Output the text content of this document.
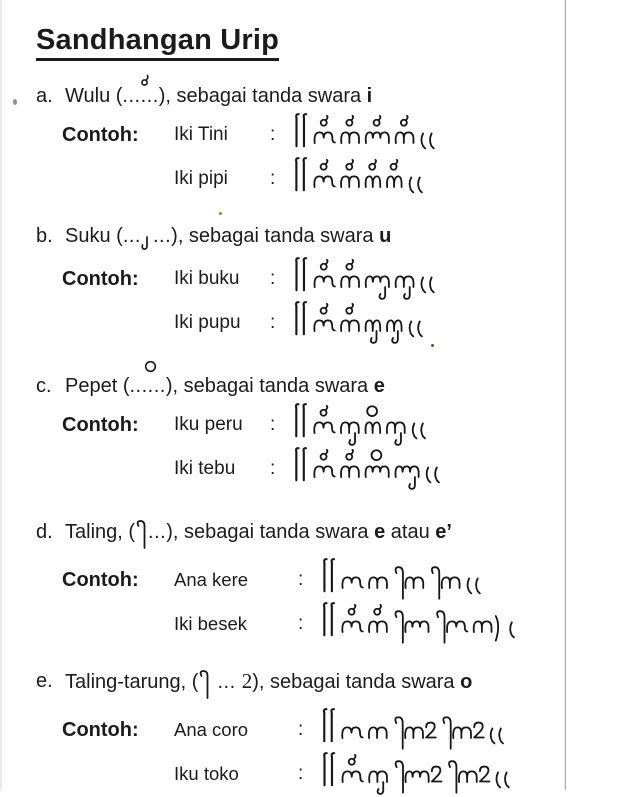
Sandhangan Urip
a. Wulu (......
), sebagai tanda swara i
Contoh:	Iki Tini	:
Iki pipi	:
b. Suku (... ...), sebagai tanda swara u
Contoh:	Iki buku	:
Iki pupu	:
c. Pepet (......
), sebagai tanda swara e
Contoh:	Iku peru	:
Iki tebu	:
d. Taling, ( ...), sebagai tanda swara e atau e’
Contoh:	Ana kere	:
Iki besek	:
e. Taling-tarung, ( ... 2), sebagai tanda swara o
Contoh:	Ana coro	:
Iku toko	:
